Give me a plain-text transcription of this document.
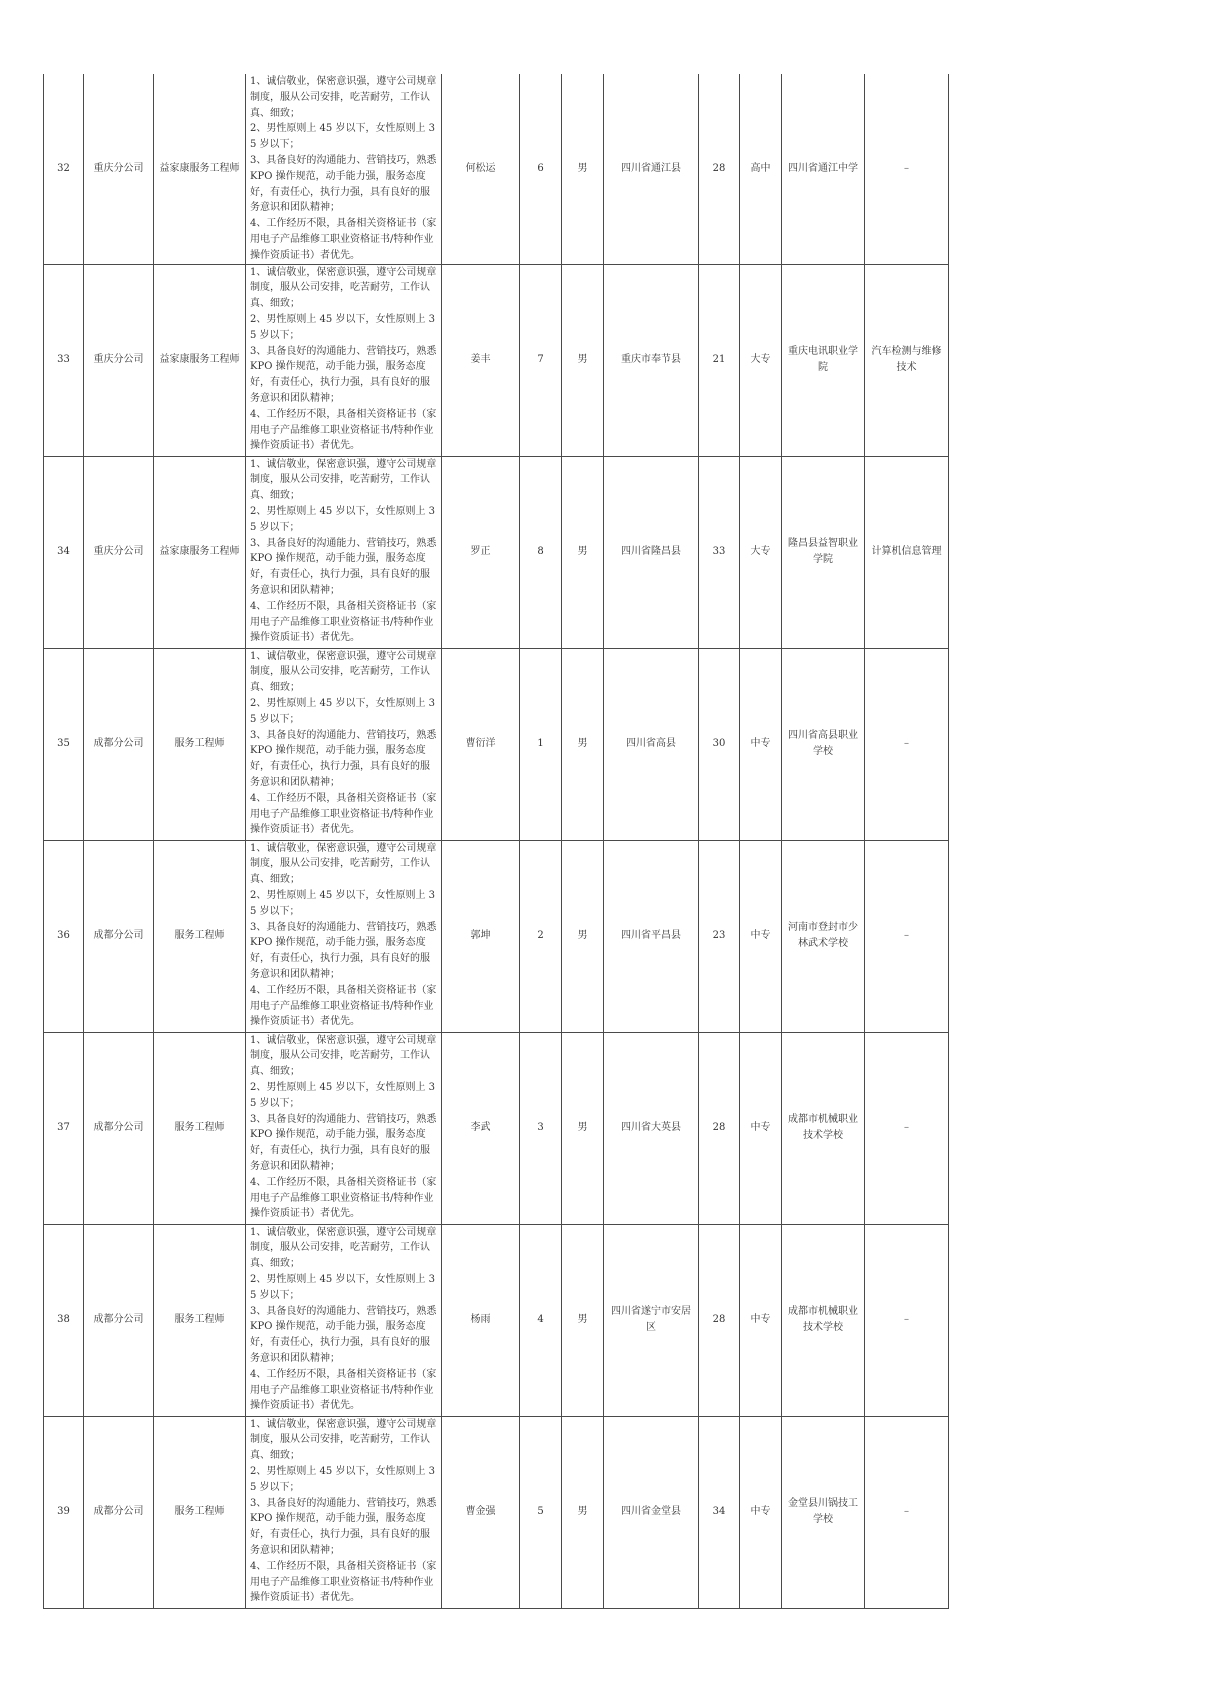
32	重庆分公司	益家康服务工程师	1、诚信敬业，保密意识强，遵守公司规章制度，服从公司安排，吃苦耐劳，工作认真、细致；
2、男性原则上 45 岁以下，女性原则上 35 岁以下；
3、具备良好的沟通能力、营销技巧，熟悉 KPO 操作规范，动手能力强，服务态度好，有责任心，执行力强，具有良好的服务意识和团队精神；
4、工作经历不限，具备相关资格证书（家用电子产品维修工职业资格证书/特种作业操作资质证书）者优先。	何松运	6	男	四川省通江县	28	高中	四川省通江中学	–
33	重庆分公司	益家康服务工程师	1、诚信敬业，保密意识强，遵守公司规章制度，服从公司安排，吃苦耐劳，工作认真、细致；
2、男性原则上 45 岁以下，女性原则上 35 岁以下；
3、具备良好的沟通能力、营销技巧，熟悉 KPO 操作规范，动手能力强，服务态度好，有责任心，执行力强，具有良好的服务意识和团队精神；
4、工作经历不限，具备相关资格证书（家用电子产品维修工职业资格证书/特种作业操作资质证书）者优先。	姜丰	7	男	重庆市奉节县	21	大专	重庆电讯职业学院	汽车检测与维修技术
34	重庆分公司	益家康服务工程师	1、诚信敬业，保密意识强，遵守公司规章制度，服从公司安排，吃苦耐劳，工作认真、细致；
2、男性原则上 45 岁以下，女性原则上 35 岁以下；
3、具备良好的沟通能力、营销技巧，熟悉 KPO 操作规范，动手能力强，服务态度好，有责任心，执行力强，具有良好的服务意识和团队精神；
4、工作经历不限，具备相关资格证书（家用电子产品维修工职业资格证书/特种作业操作资质证书）者优先。	罗正	8	男	四川省隆昌县	33	大专	隆昌县益智职业学院	计算机信息管理
35	成都分公司	服务工程师	1、诚信敬业，保密意识强，遵守公司规章制度，服从公司安排，吃苦耐劳，工作认真、细致；
2、男性原则上 45 岁以下，女性原则上 35 岁以下；
3、具备良好的沟通能力、营销技巧，熟悉 KPO 操作规范，动手能力强，服务态度好，有责任心，执行力强，具有良好的服务意识和团队精神；
4、工作经历不限，具备相关资格证书（家用电子产品维修工职业资格证书/特种作业操作资质证书）者优先。	曹衍洋	1	男	四川省高县	30	中专	四川省高县职业学校	–
36	成都分公司	服务工程师	1、诚信敬业，保密意识强，遵守公司规章制度，服从公司安排，吃苦耐劳，工作认真、细致；
2、男性原则上 45 岁以下，女性原则上 35 岁以下；
3、具备良好的沟通能力、营销技巧，熟悉 KPO 操作规范，动手能力强，服务态度好，有责任心，执行力强，具有良好的服务意识和团队精神；
4、工作经历不限，具备相关资格证书（家用电子产品维修工职业资格证书/特种作业操作资质证书）者优先。	郭坤	2	男	四川省平昌县	23	中专	河南市登封市少林武术学校	–
37	成都分公司	服务工程师	1、诚信敬业，保密意识强，遵守公司规章制度，服从公司安排，吃苦耐劳，工作认真、细致；
2、男性原则上 45 岁以下，女性原则上 35 岁以下；
3、具备良好的沟通能力、营销技巧，熟悉 KPO 操作规范，动手能力强，服务态度好，有责任心，执行力强，具有良好的服务意识和团队精神；
4、工作经历不限，具备相关资格证书（家用电子产品维修工职业资格证书/特种作业操作资质证书）者优先。	李武	3	男	四川省大英县	28	中专	成都市机械职业技术学校	–
38	成都分公司	服务工程师	1、诚信敬业，保密意识强，遵守公司规章制度，服从公司安排，吃苦耐劳，工作认真、细致；
2、男性原则上 45 岁以下，女性原则上 35 岁以下；
3、具备良好的沟通能力、营销技巧，熟悉 KPO 操作规范，动手能力强，服务态度好，有责任心，执行力强，具有良好的服务意识和团队精神；
4、工作经历不限，具备相关资格证书（家用电子产品维修工职业资格证书/特种作业操作资质证书）者优先。	杨雨	4	男	四川省遂宁市安居区	28	中专	成都市机械职业技术学校	–
39	成都分公司	服务工程师	1、诚信敬业，保密意识强，遵守公司规章制度，服从公司安排，吃苦耐劳，工作认真、细致；
2、男性原则上 45 岁以下，女性原则上 35 岁以下；
3、具备良好的沟通能力、营销技巧，熟悉 KPO 操作规范，动手能力强，服务态度好，有责任心，执行力强，具有良好的服务意识和团队精神；
4、工作经历不限，具备相关资格证书（家用电子产品维修工职业资格证书/特种作业操作资质证书）者优先。	曹金强	5	男	四川省金堂县	34	中专	金堂县川锅技工学校	–
